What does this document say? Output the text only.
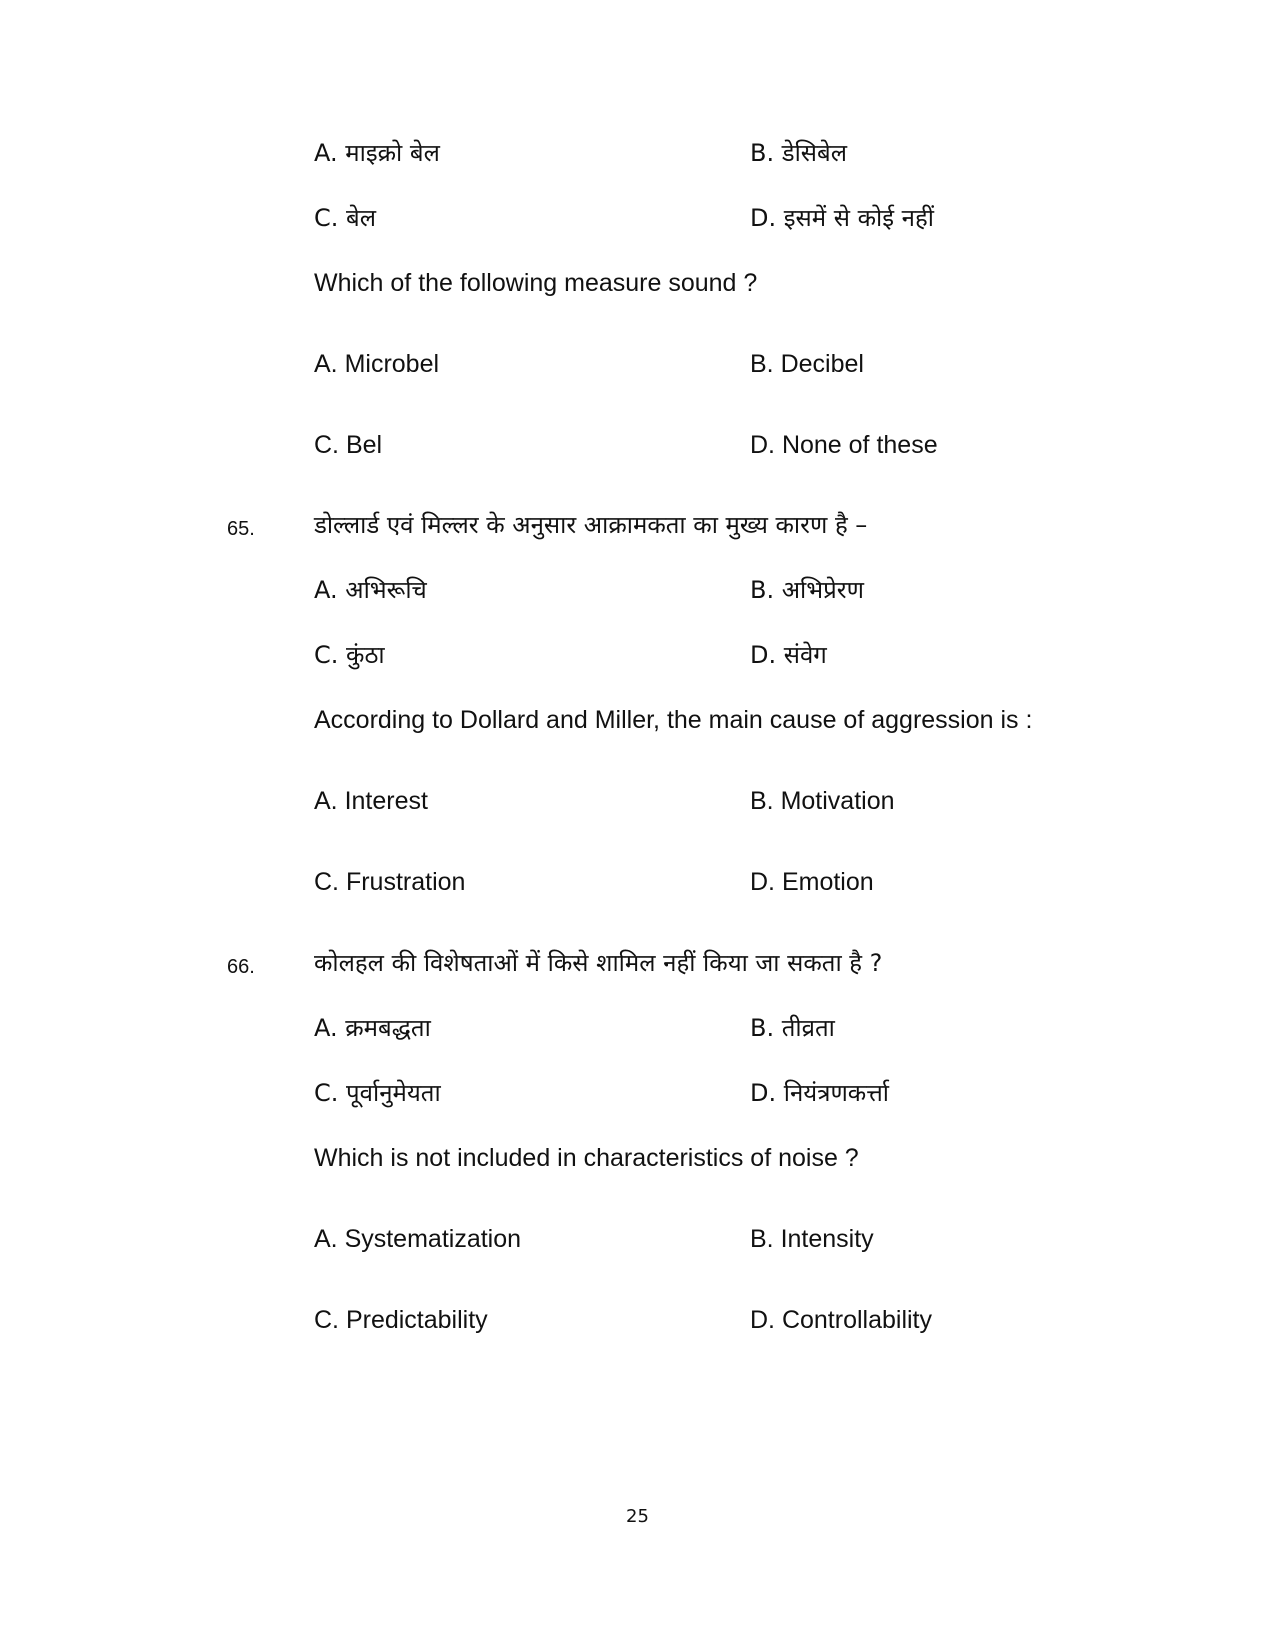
A. माइक्रो बेल	B. डेसिबेल
C. बेल	D. इसमें से कोई नहीं
Which of the following measure sound ?
A. Microbel	B. Decibel
C. Bel	D. None of these
65. डोल्लार्ड एवं मिल्लर के अनुसार आक्रामकता का मुख्य कारण है –
A. अभिरूचि	B. अभिप्रेरण
C. कुंठा	D. संवेग
According to Dollard and Miller, the main cause of aggression is :
A. Interest	B. Motivation
C. Frustration	D. Emotion
66. कोलहल की विशेषताओं में किसे शामिल नहीं किया जा सकता है ?
A. क्रमबद्धता	B. तीव्रता
C. पूर्वानुमेयता	D. नियंत्रणकर्त्ता
Which is not included in characteristics of noise ?
A. Systematization	B. Intensity
C. Predictability	D. Controllability
25
